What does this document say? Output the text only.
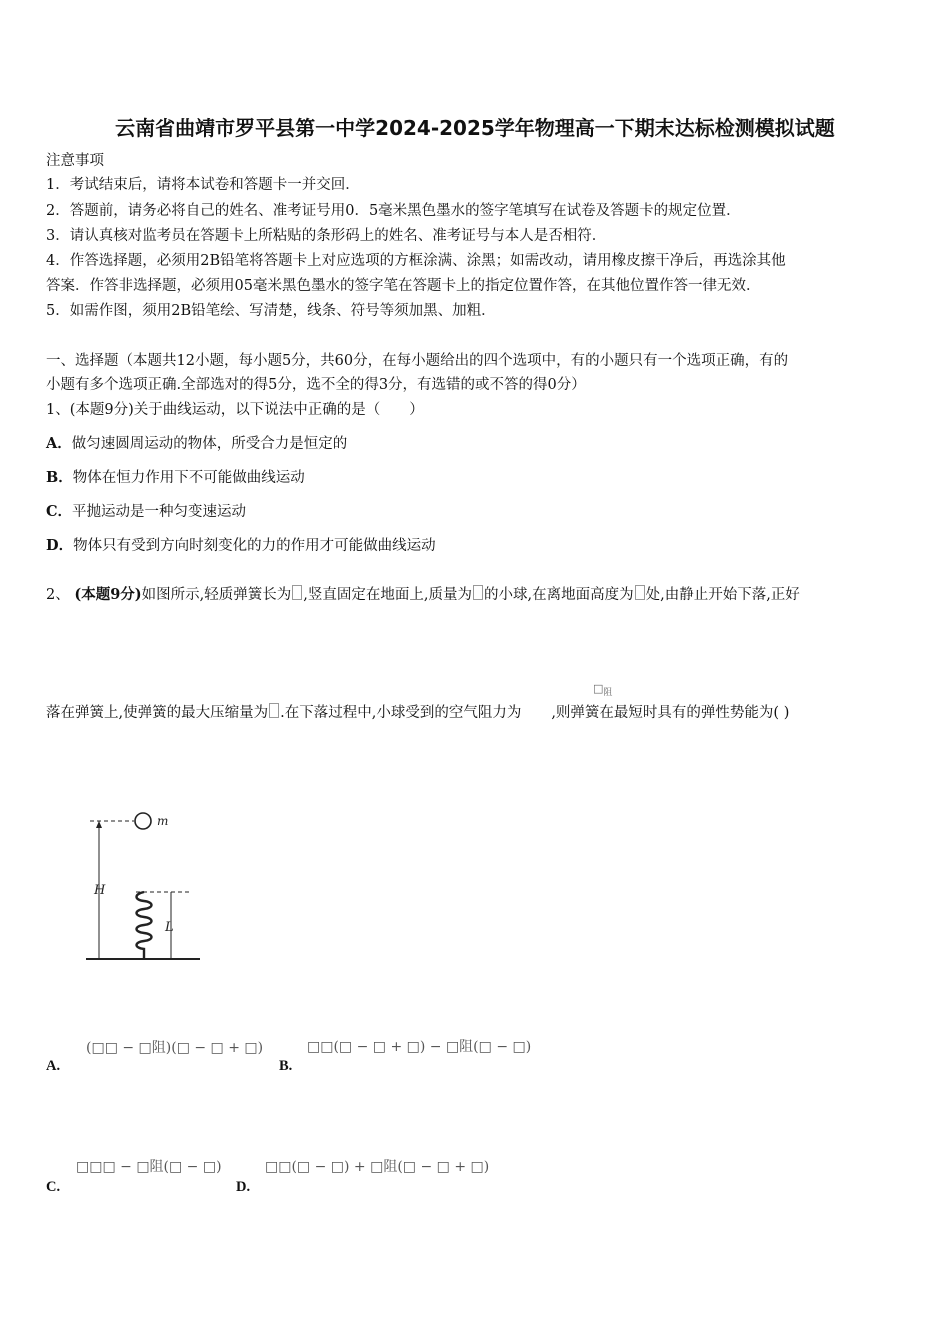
云南省曲靖市罗平县第一中学2024-2025学年物理高一下期末达标检测模拟试题
注意事项
1．考试结束后，请将本试卷和答题卡一并交回．
2．答题前，请务必将自己的姓名、准考证号用0．5毫米黑色墨水的签字笔填写在试卷及答题卡的规定位置．
3．请认真核对监考员在答题卡上所粘贴的条形码上的姓名、准考证号与本人是否相符．
4．作答选择题，必须用2B铅笔将答题卡上对应选项的方框涂满、涂黑；如需改动，请用橡皮擦干净后，再选涂其他
答案．作答非选择题，必须用05毫米黑色墨水的签字笔在答题卡上的指定位置作答，在其他位置作答一律无效．
5．如需作图，须用2B铅笔绘、写清楚，线条、符号等须加黑、加粗．
一、选择题（本题共12小题，每小题5分，共60分，在每小题给出的四个选项中，有的小题只有一个选项正确，有的
小题有多个选项正确.全部选对的得5分，选不全的得3分，有选错的或不答的得0分）
1、(本题9分)关于曲线运动，以下说法中正确的是（　　）
A．做匀速圆周运动的物体，所受合力是恒定的
B．物体在恒力作用下不可能做曲线运动
C．平抛运动是一种匀变速运动
D．物体只有受到方向时刻变化的力的作用才可能做曲线运动
2、 (本题9分)如图所示,轻质弹簧长为 ,竖直固定在地面上,质量为 的小球,在离地面高度为 处,由静止开始下落,正好
$□_阻$
落在弹簧上,使弹簧的最大压缩量为 .在下落过程中,小球受到的空气阻力为 ,则弹簧在最短时具有的弹性势能为( )
m
H
L
A.
(□□ − □阻)(□ − □ + □)
B.
□□(□ − □ + □) − □阻(□ − □)
C.
□□□ − □阻(□ − □)
D.
□□(□ − □) + □阻(□ − □ + □)
